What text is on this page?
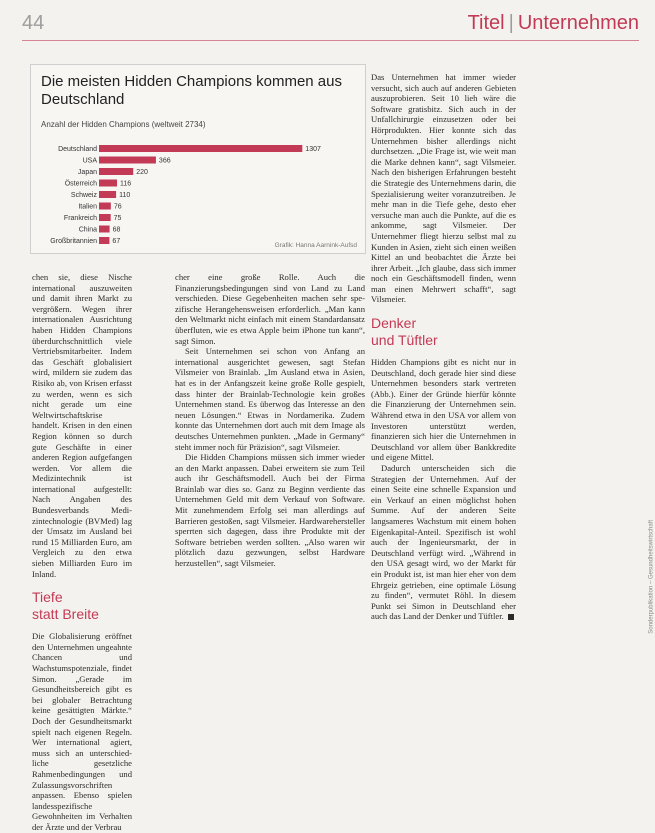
44	Titel | Unternehmen
Die meisten Hidden Champions kommen aus Deutschland
Anzahl der Hidden Champions (weltweit 2734)
Deutschland	1307
USA	366
Japan	220
Österreich	116
Schweiz	110
Italien 76
Frankreich 75
China 68
Großbritannien 67
Grafik: Hanna Aarnink-Aufsd

chen sie, diese Nische international auszuweiten und damit ihren Markt zu vergrößern. Wegen ihrer internationalen Ausrichtung haben Hidden Champions überdurchschnittlich viele Vertriebsmitarbeiter. Indem das Geschäft globalisiert wird, mildern sie zudem das Risiko ab, von Krisen erfasst zu werden, wenn es sich nicht gerade um eine Weltwirtschaftskrise handelt. Krisen in den einen Region können so durch gute Geschäfte in einer anderen Region aufgefangen werden. Vor allem die Medizintechnik ist international aufgestellt: Nach Angaben des Bundesverbands Medizintechnologie (BVMed) lag der Umsatz im Ausland bei rund 15 Milliarden Euro, am Vergleich zu den etwa sieben Milliarden Euro im Inland.

Tiefe
statt Breite

Die Globalisierung eröffnet den Unternehmen ungeahnte Chancen und Wachstumspotenziale, findet Simon. „Gerade im Gesundheitsbereich gibt es bei globaler Betrachtung keine gesättigten Märkte.“ Doch der Gesundheitsmarkt spielt nach eigenen Regeln. Wer international agiert, muss sich an unterschiedliche gesetzliche Rahmenbedingungen und Zulassungsvorschriften anpassen. Ebenso spielen landesspezifische Gewohnheiten im Verhalten der Ärzte und der Verbrau

cher eine große Rolle. Auch die Finanzierungsbedingungen sind von Land zu Land verschieden. Diese Gegebenheiten machen sehr spezifische Herangehensweisen erforderlich. „Man kann den Weltmarkt nicht einfach mit einem Standardansatz überfluten, wie es etwa Apple beim iPhone tun kann“, sagt Simon.

Seit Unternehmen sei schon von Anfang an international ausgerichtet gewesen, sagt Stefan Vilsmeier von Brainlab. „Im Ausland etwa in Asien, hat es in der Anfangszeit keine große Rolle gespielt, dass hinter der Brainlab-Technologie kein großes Unternehmen stand. Es überwog das Interesse an den neuen Lösungen.“ Etwas in Nordamerika. Zudem konnte das Unternehmen dort auch mit dem Image als deutsches Unternehmen punkten. „Made in Germany“ steht immer noch für Präzision“, sagt Vilsmeier.

Die Hidden Champions müssen sich immer wieder an den Markt anpassen. Dabei erweitern sie zum Teil auch ihr Geschäftsmodell. Auch bei der Firma Brainlab war dies so. Ganz zu Beginn verdiente das Unternehmen Geld mit dem Verkauf von Software. Mit zunehmendem Erfolg sei man allerdings auf Barrieren gestoßen, sagt Vilsmeier. Hardwarehersteller sperrten sich dagegen, dass ihre Produkte mit der Software betrieben werden sollten. „Also waren wir plötzlich dazu gezwungen, selbst Hardware herzustellen“, sagt Vilsmeier.

Das Unternehmen hat immer wieder versucht, sich auch auf anderen Gebieten auszuprobieren. Seit 10 lieh wäre die Software gratisbitz. Sich auch in der Unfallchirurgie einzusetzen oder bei Hörprodukten. Hier konnte sich das Unternehmen bisher allerdings nicht durchsetzen. „Die Frage ist, wie weit man die Marke dehnen kann“, sagt Vilsmeier. Nach den bisherigen Erfahrungen besteht die Strategie des Unternehmens darin, die Spezialisierung weiter voranzutreiben. Je mehr man in die Tiefe gehe, desto eher versuche man auch die Punkte, auf die es ankomme, sagt Vilsmeier. Der Unternehmer fliegt hierzu selbst mal zu Kunden in Asien, zieht sich einen weißen Kittel an und beobachtet die Ärzte bei ihrer Arbeit. „Ich glaube, dass sich immer noch ein Geschäftsmodell finden, wenn man einen Mehrwert schafft“, sagt Vilsmeier.

Denker
und Tüftler

Hidden Champions gibt es nicht nur in Deutschland, doch gerade hier sind diese Unternehmen besonders stark vertreten (Abb.). Einer der Gründe hierfür könnte die Finanzierung der Unternehmen sein. Während etwa in den USA vor allem von Investoren unterstützt werden, finanzieren sich hier die Unternehmen in Deutschland vor allem über Bankkredite und eigene Mittel.

Dadurch unterscheiden sich die Strategien der Unternehmen. Auf der einen Seite eine schnelle Expansion und ein Verkauf an einen möglichst hohen Summe. Auf der anderen Seite langsameres Wachstum mit einem hohen Eigenkapital-Anteil. Spezifisch ist wohl auch der Ingenieursmarkt, der in Deutschland verfügt wird. „Während in den USA gesagt wird, wo der Markt für ein Produkt ist, ist man hier eher von dem Ehrgeiz getrieben, eine optimale Lösung zu finden“, vermutet Röhl. In diesem Punkt sei Simon in Deutschland eher auch das Land der Denker und Tüftler.	Sonderpublikation – Gesundheitswirtschaft
